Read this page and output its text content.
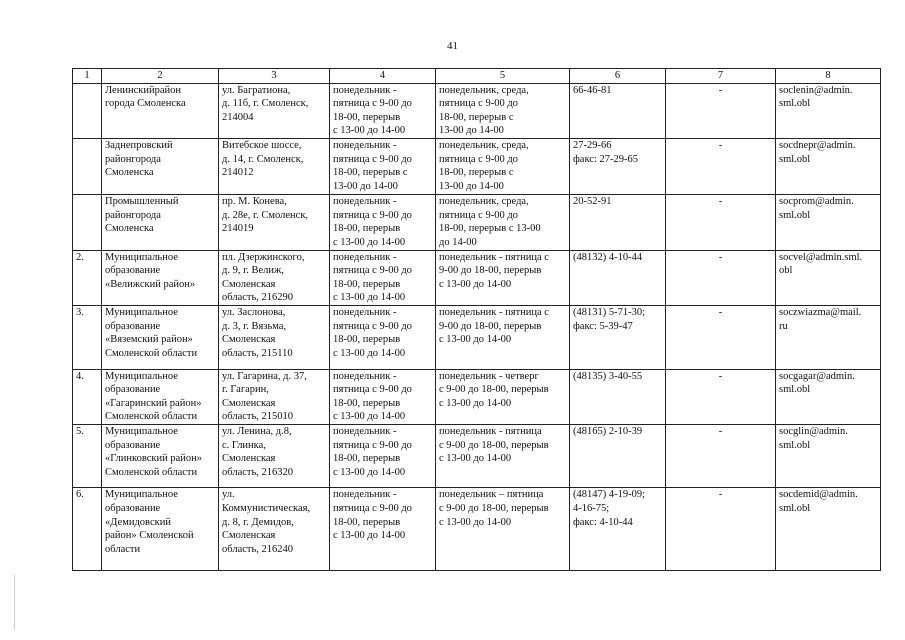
41
1	2	3	4	5	6	7	8

	Ленинскийрайон
города Смоленска	ул. Багратиона,
д. 11б, г. Смоленск,
214004	понедельник -
пятница с 9-00 до
18-00, перерыв
с 13-00 до 14-00	понедельник, среда,
пятница с 9-00 до
18-00, перерыв с
13-00 до 14-00	66-46-81	-	soclenin@admin.
sml.obl

	Заднепровский
районгорода
Смоленска	Витебское шоссе,
д. 14, г. Смоленск,
214012	понедельник -
пятница с 9-00 до
18-00, перерыв с
13-00 до 14-00	понедельник, среда,
пятница с 9-00 до
18-00, перерыв с
13-00 до 14-00	27-29-66
факс: 27-29-65	-	socdnepr@admin.
sml.obl

	Промышленный
районгорода
Смоленска	пр. М. Конева,
д. 28е, г. Смоленск,
214019	понедельник -
пятница с 9-00 до
18-00, перерыв
с 13-00 до 14-00	понедельник, среда,
пятница с 9-00 до
18-00, перерыв с 13-00
до 14-00	20-52-91	-	socprom@admin.
sml.obl

2.	Муниципальное
образование
«Велижский район»	пл. Дзержинского,
д. 9, г. Велиж,
Смоленская
область, 216290	понедельник -
пятница с 9-00 до
18-00, перерыв
с 13-00 до 14-00	понедельник - пятница с
9-00 до 18-00, перерыв
с 13-00 до 14-00	(48132) 4-10-44	-	socvel@admin.sml.
obl

3.	Муниципальное
образование
«Вяземский район»
Смоленской области	ул. Заслонова,
д. 3, г. Вязьма,
Смоленская
область, 215110	понедельник -
пятница с 9-00 до
18-00, перерыв
с 13-00 до 14-00	понедельник - пятница с
9-00 до 18-00, перерыв
с 13-00 до 14-00	(48131) 5-71-30;
факс: 5-39-47	-	soczwiazma@mail.
ru

4.	Муниципальное
образование
«Гагаринский район»
Смоленской области	ул. Гагарина, д. 37,
г. Гагарин,
Смоленская
область, 215010	понедельник -
пятница с 9-00 до
18-00, перерыв
с 13-00 до 14-00	понедельник - четверг
с 9-00 до 18-00, перерыв
с 13-00 до 14-00	(48135) 3-40-55	-	socgagar@admin.
sml.obl

5.	Муниципальное
образование
«Глинковский район»
Смоленской области	ул. Ленина, д.8,
с. Глинка,
Смоленская
область, 216320	понедельник -
пятница с 9-00 до
18-00, перерыв
с 13-00 до 14-00	понедельник - пятница
с 9-00 до 18-00, перерыв
с 13-00 до 14-00	(48165) 2-10-39	-	socglin@admin.
sml.obl

6.	Муниципальное
образование
«Демидовский
район» Смоленской
области	ул.
Коммунистическая,
д. 8, г. Демидов,
Смоленская
область, 216240	понедельник -
пятница с 9-00 до
18-00, перерыв
с 13-00 до 14-00	понедельник – пятница
с 9-00 до 18-00, перерыв
с 13-00 до 14-00	(48147) 4-19-09;
4-16-75;
факс: 4-10-44	-	socdemid@admin.
sml.obl
